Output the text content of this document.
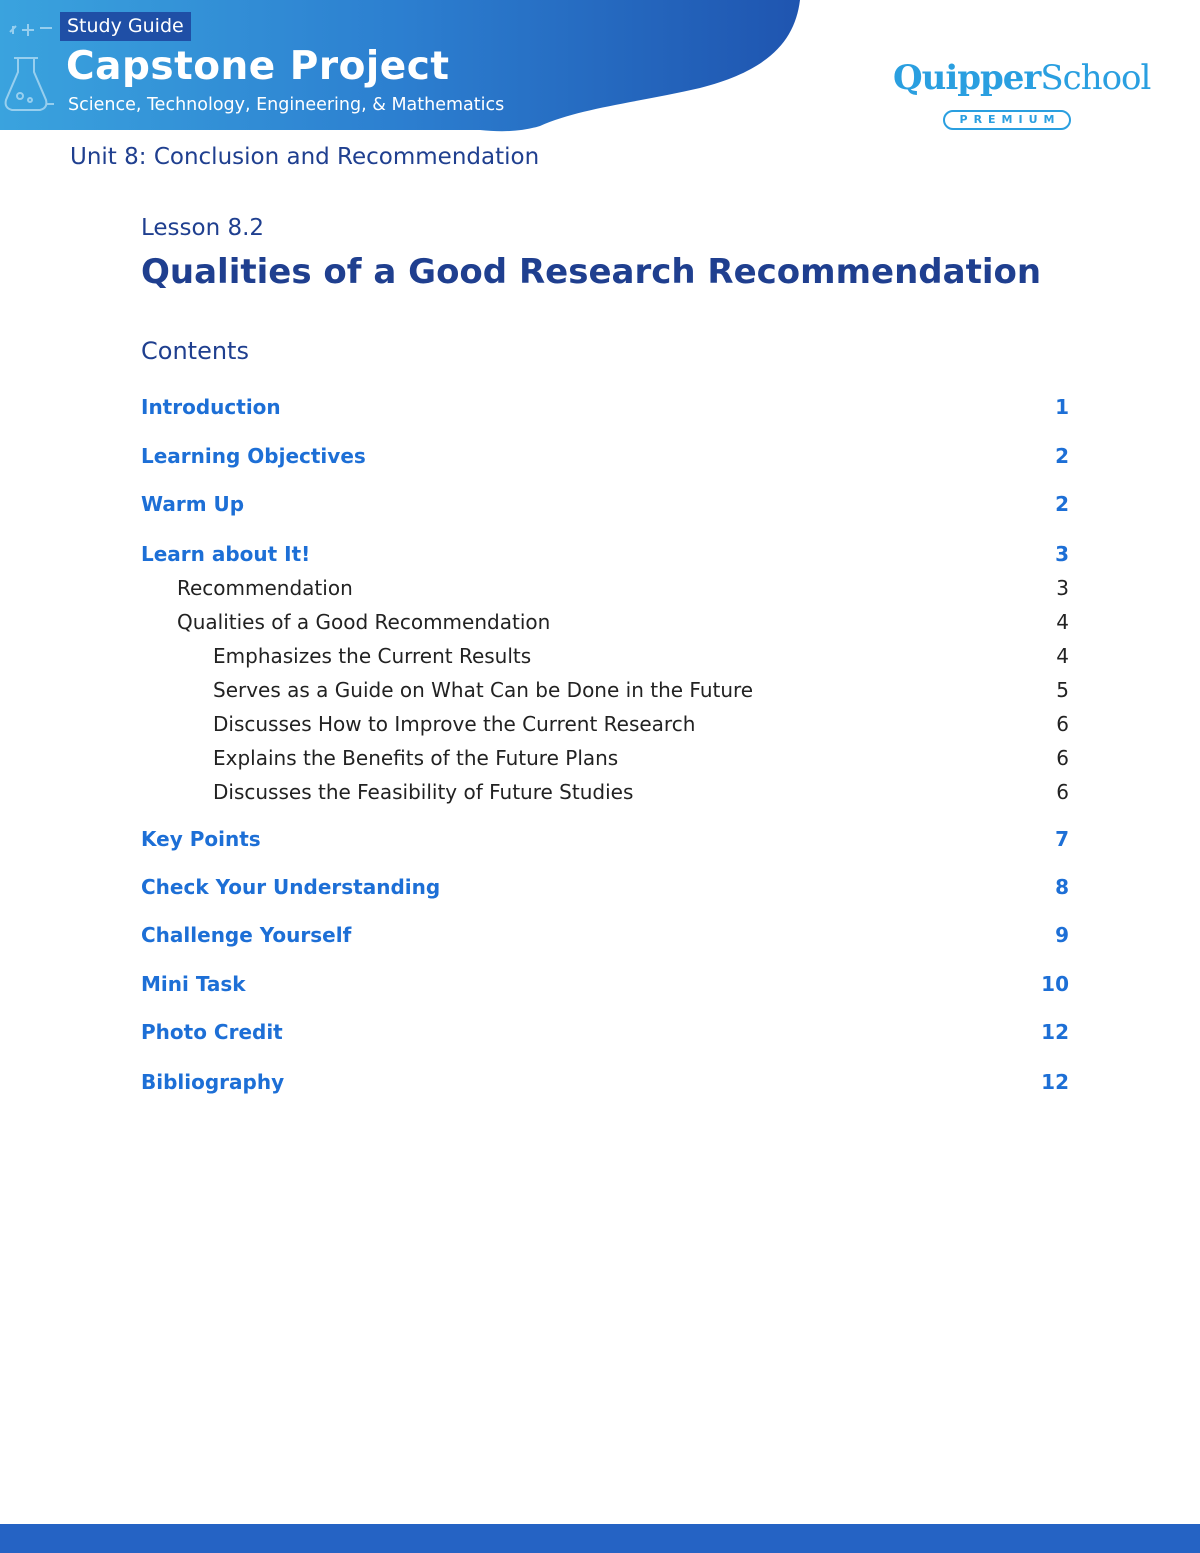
Study Guide
Capstone Project
Science, Technology, Engineering, & Mathematics
QuipperSchool
PREMIUM
Unit 8: Conclusion and Recommendation
Lesson 8.2
Qualities of a Good Research Recommendation
Contents
Introduction	1
Learning Objectives	2
Warm Up	2
Learn about It!	3
Recommendation	3
Qualities of a Good Recommendation	4
Emphasizes the Current Results	4
Serves as a Guide on What Can be Done in the Future	5
Discusses How to Improve the Current Research	6
Explains the Benefits of the Future Plans	6
Discusses the Feasibility of Future Studies	6
Key Points	7
Check Your Understanding	8
Challenge Yourself	9
Mini Task	10
Photo Credit	12
Bibliography	12
